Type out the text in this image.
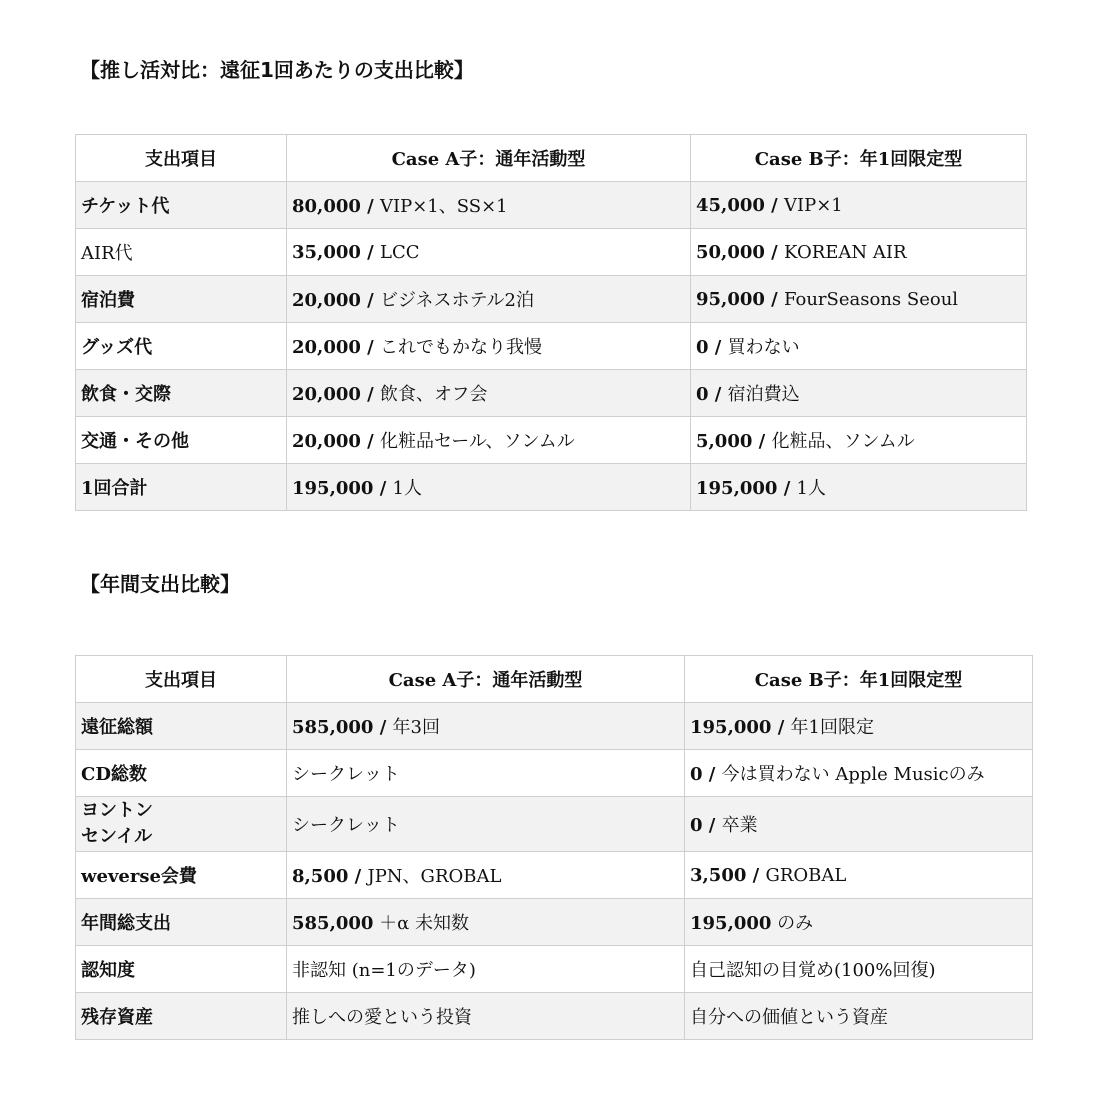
【推し活対比：遠征1回あたりの支出比較】
支出項目	Case A子：通年活動型	Case B子：年1回限定型
チケット代	80,000 / VIP×1、SS×1	45,000 / VIP×1
AIR代	35,000 / LCC	50,000 / KOREAN AIR
宿泊費	20,000 / ビジネスホテル2泊	95,000 / FourSeasons Seoul
グッズ代	20,000 / これでもかなり我慢	0 / 買わない
飲食・交際	20,000 / 飲食、オフ会	0 / 宿泊費込
交通・その他	20,000 / 化粧品セール、ソンムル	5,000 / 化粧品、ソンムル
1回合計	195,000 / 1人	195,000 / 1人
【年間支出比較】
支出項目	Case A子：通年活動型	Case B子：年1回限定型
遠征総額	585,000 / 年3回	195,000 / 年1回限定
CD総数	シークレット	0 / 今は買わない Apple Musicのみ

ヨントン
センイル	シークレット	0 / 卒業
weverse会費	8,500 / JPN、GROBAL	3,500 / GROBAL
年間総支出	585,000 ＋α 未知数	195,000 のみ
認知度	非認知 (n=1のデータ)	自己認知の目覚め(100%回復)
残存資産	推しへの愛という投資	自分への価値という資産
